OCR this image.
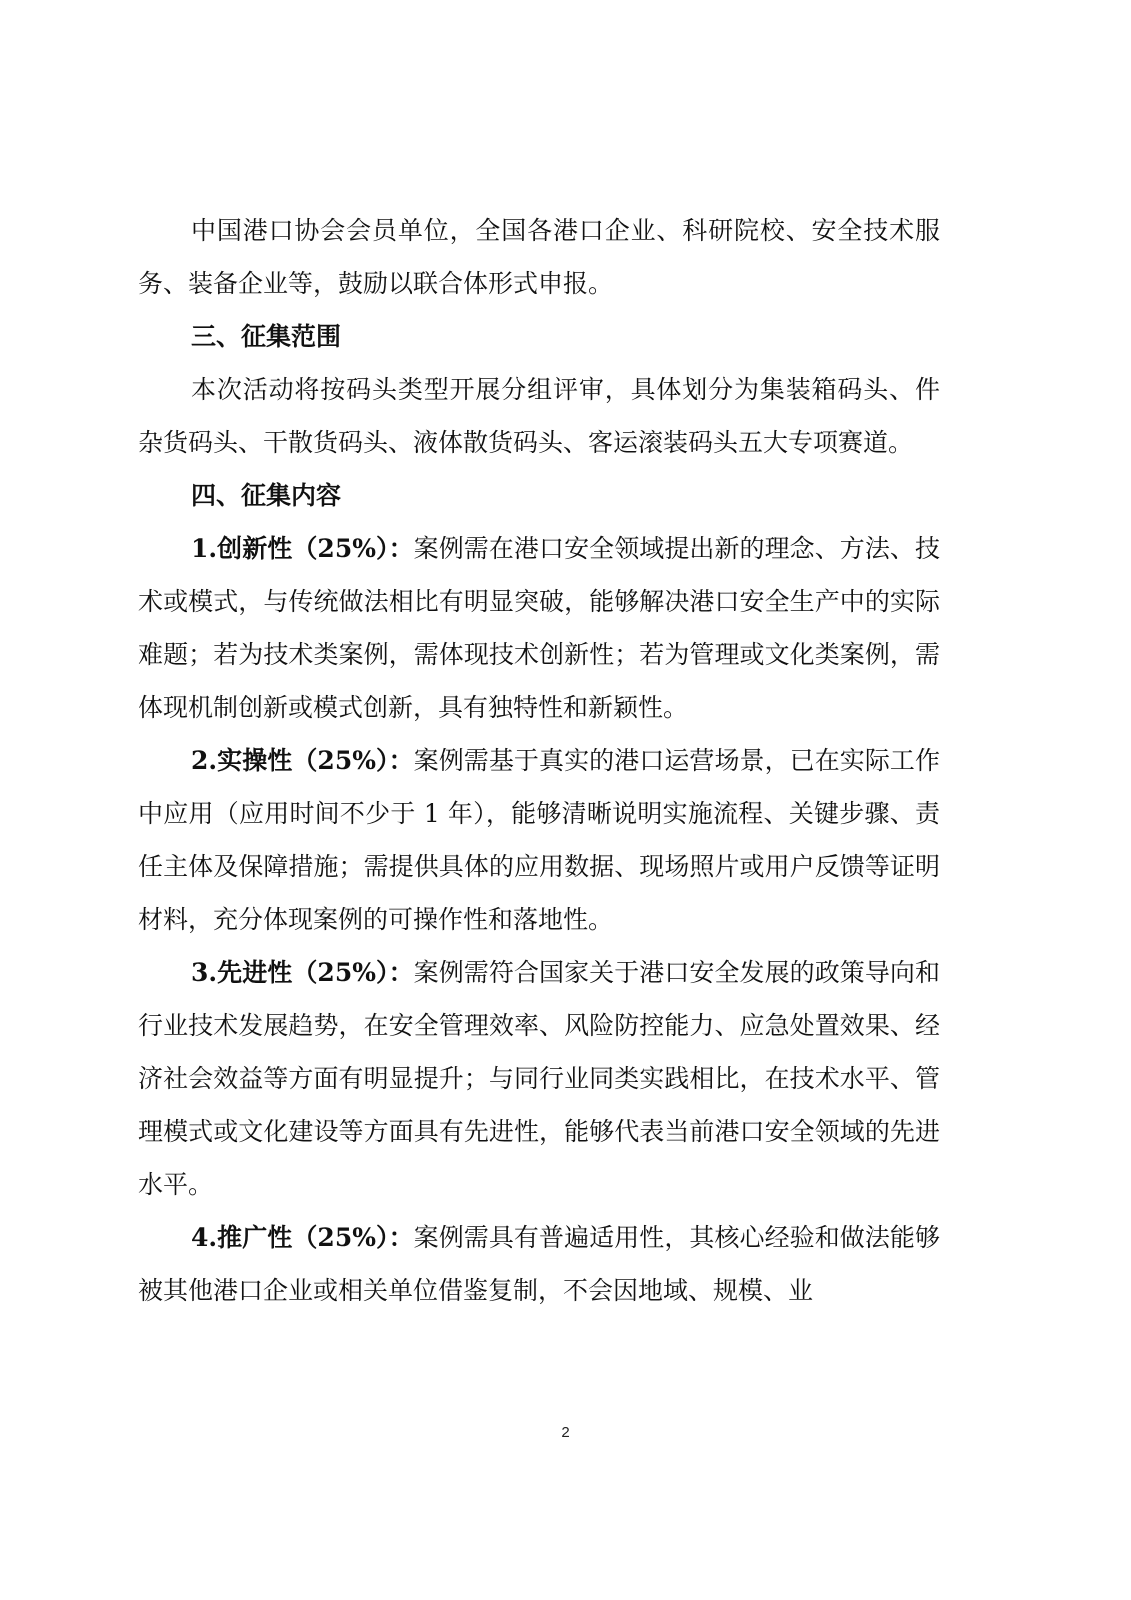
中国港口协会会员单位，全国各港口企业、科研院校、安全技术服务、装备企业等，鼓励以联合体形式申报。

三、征集范围

本次活动将按码头类型开展分组评审，具体划分为集装箱码头、件杂货码头、干散货码头、液体散货码头、客运滚装码头五大专项赛道。

四、征集内容

1.创新性（25%）：案例需在港口安全领域提出新的理念、方法、技术或模式，与传统做法相比有明显突破，能够解决港口安全生产中的实际难题；若为技术类案例，需体现技术创新性；若为管理或文化类案例，需体现机制创新或模式创新，具有独特性和新颖性。

2.实操性（25%）：案例需基于真实的港口运营场景，已在实际工作中应用（应用时间不少于 1 年），能够清晰说明实施流程、关键步骤、责任主体及保障措施；需提供具体的应用数据、现场照片或用户反馈等证明材料，充分体现案例的可操作性和落地性。

3.先进性（25%）：案例需符合国家关于港口安全发展的政策导向和行业技术发展趋势，在安全管理效率、风险防控能力、应急处置效果、经济社会效益等方面有明显提升；与同行业同类实践相比，在技术水平、管理模式或文化建设等方面具有先进性，能够代表当前港口安全领域的先进水平。

4.推广性（25%）：案例需具有普遍适用性，其核心经验和做法能够被其他港口企业或相关单位借鉴复制，不会因地域、规模、业

2
